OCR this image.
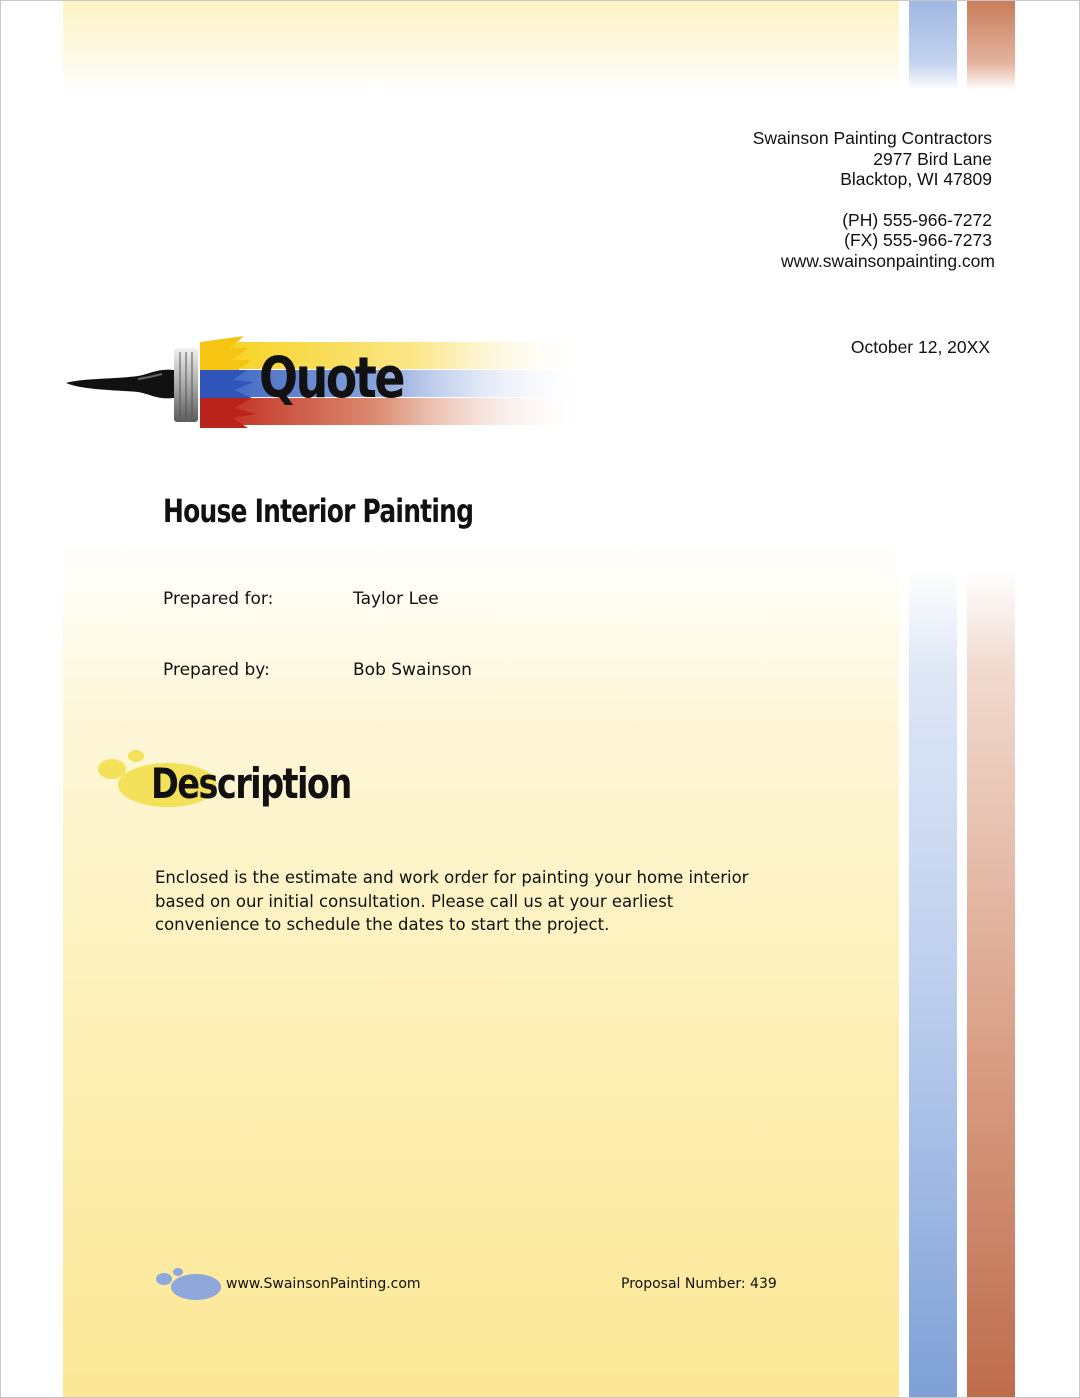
Swainson Painting Contractors
2977 Bird Lane
Blacktop, WI 47809
(PH) 555-966-7272
(FX) 555-966-7273
www.swainsonpainting.com
October 12, 20XX
Quote
House Interior Painting
Prepared for:	Taylor Lee
Prepared by:	Bob Swainson
Description
Enclosed is the estimate and work order for painting your home interior based on our initial consultation. Please call us at your earliest convenience to schedule the dates to start the project.
www.SwainsonPainting.com	Proposal Number: 439
